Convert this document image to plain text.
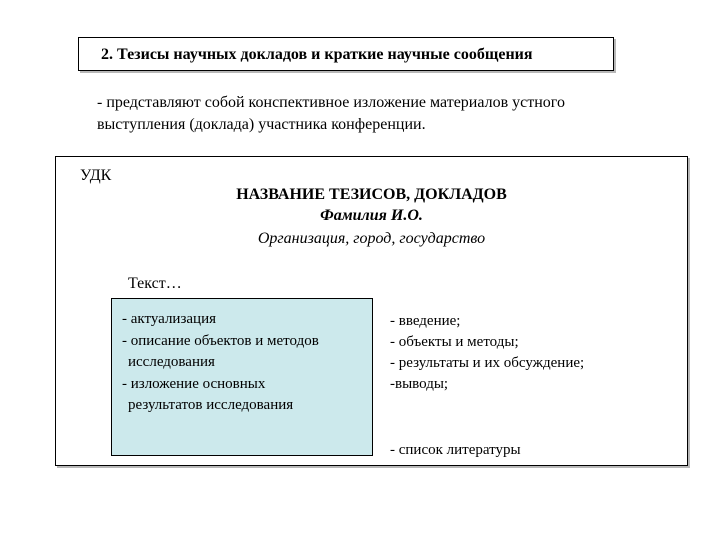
2. Тезисы научных докладов и краткие научные сообщения
- представляют собой конспективное изложение материалов устного
выступления (доклада) участника конференции.
УДК
НАЗВАНИЕ ТЕЗИСОВ, ДОКЛАДОВ
Фамилия И.О.
Организация, город, государство
Текст…
- актуализация
- описание объектов и методов
исследования
- изложение основных
результатов исследования
- введение;
- объекты и методы;
- результаты и их обсуждение;
-выводы;
- список литературы
